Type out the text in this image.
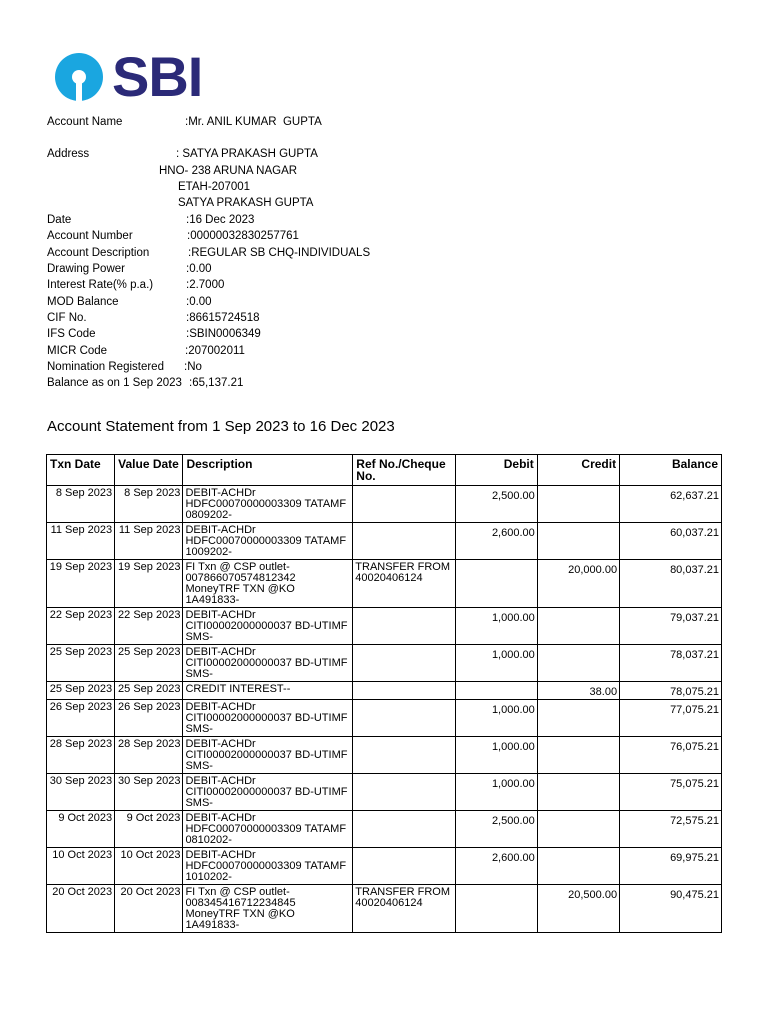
SBI
Account Name	:Mr. ANIL KUMAR  GUPTA
Address	: SATYA PRAKASH GUPTA
HNO- 238 ARUNA NAGAR
ETAH-207001
SATYA PRAKASH GUPTA
Date	:16 Dec 2023
Account Number	:00000032830257761
Account Description	:REGULAR SB CHQ-INDIVIDUALS
Drawing Power	:0.00
Interest Rate(% p.a.)	:2.7000
MOD Balance	:0.00
CIF No.	:86615724518
IFS Code	:SBIN0006349
MICR Code	:207002011
Nomination Registered :No
Balance as on 1 Sep 2023 :65,137.21
Account Statement from 1 Sep 2023 to 16 Dec 2023
Txn Date	Value Date	Description	Ref No./Cheque No.	Debit	Credit	Balance
8 Sep 2023	8 Sep 2023	DEBIT-ACHDr HDFC00070000003309 TATAMF 0809202-		2,500.00		62,637.21
11 Sep 2023	11 Sep 2023	DEBIT-ACHDr HDFC00070000003309 TATAMF 1009202-		2,600.00		60,037.21
19 Sep 2023	19 Sep 2023	FI Txn @ CSP outlet- 007866070574812342 MoneyTRF TXN @KO 1A491833-	TRANSFER FROM 40020406124		20,000.00	80,037.21
22 Sep 2023	22 Sep 2023	DEBIT-ACHDr CITI00002000000037 BD-UTIMF SMS-		1,000.00		79,037.21
25 Sep 2023	25 Sep 2023	DEBIT-ACHDr CITI00002000000037 BD-UTIMF SMS-		1,000.00		78,037.21
25 Sep 2023	25 Sep 2023	CREDIT INTEREST--			38.00	78,075.21
26 Sep 2023	26 Sep 2023	DEBIT-ACHDr CITI00002000000037 BD-UTIMF SMS-		1,000.00		77,075.21
28 Sep 2023	28 Sep 2023	DEBIT-ACHDr CITI00002000000037 BD-UTIMF SMS-		1,000.00		76,075.21
30 Sep 2023	30 Sep 2023	DEBIT-ACHDr CITI00002000000037 BD-UTIMF SMS-		1,000.00		75,075.21
9 Oct 2023	9 Oct 2023	DEBIT-ACHDr HDFC00070000003309 TATAMF 0810202-		2,500.00		72,575.21
10 Oct 2023	10 Oct 2023	DEBIT-ACHDr HDFC00070000003309 TATAMF 1010202-		2,600.00		69,975.21
20 Oct 2023	20 Oct 2023	FI Txn @ CSP outlet- 008345416712234845 MoneyTRF TXN @KO 1A491833-	TRANSFER FROM 40020406124		20,500.00	90,475.21
